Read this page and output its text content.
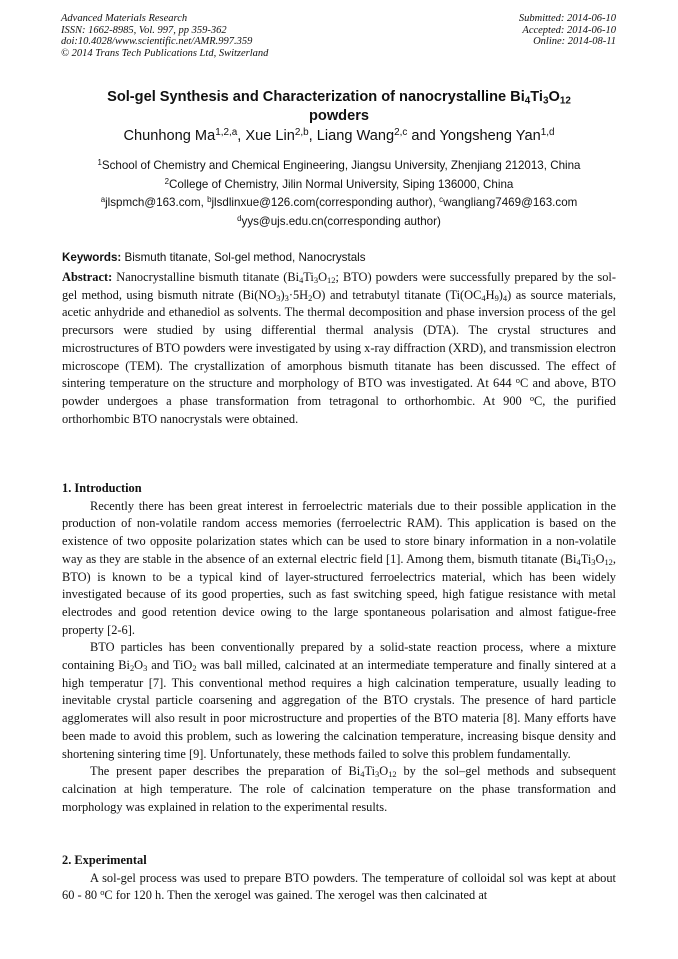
Advanced Materials Research
ISSN: 1662-8985, Vol. 997, pp 359-362
doi:10.4028/www.scientific.net/AMR.997.359
© 2014 Trans Tech Publications Ltd, Switzerland
Submitted: 2014-06-10
Accepted: 2014-06-10
Online: 2014-08-11
Sol-gel Synthesis and Characterization of nanocrystalline $Bi_4Ti_3O_{12}$
powders
Chunhong Ma$^{1,2,a}$, Xue Lin$^{2,b}$, Liang Wang$^{2,c}$ and Yongsheng Yan$^{1,d}$
$^1$School of Chemistry and Chemical Engineering, Jiangsu University, Zhenjiang 212013, China
$^2$College of Chemistry, Jilin Normal University, Siping 136000, China
$^a$jlspmch@163.com, $^b$jlsdlinxue@126.com(corresponding author), $^c$wangliang7469@163.com
$^d$yys@ujs.edu.cn(corresponding author)
Keywords: Bismuth titanate, Sol-gel method, Nanocrystals

Abstract: Nanocrystalline bismuth titanate ($Bi_4Ti_3O_{12}$; BTO) powders were successfully prepared by the sol-gel method, using bismuth nitrate $(Bi(NO_3)_3\cdot 5H_2O)$ and tetrabutyl titanate $(Ti(OC_4H_9)_4)$ as source materials, acetic anhydride and ethanediol as solvents. The thermal decomposition and phase inversion process of the gel precursors were studied by using differential thermal analysis (DTA). The crystal structures and microstructures of BTO powders were investigated by using x-ray diffraction (XRD), and transmission electron microscope (TEM). The crystallization of amorphous bismuth titanate has been discussed. The effect of sintering temperature on the structure and morphology of BTO was investigated. At 644 $^o$C and above, BTO powder undergoes a phase transformation from tetragonal to orthorhombic. At 900 $^o$C, the purified orthorhombic BTO nanocrystals were obtained.

1. Introduction

Recently there has been great interest in ferroelectric materials due to their possible application in the production of non-volatile random access memories (ferroelectric RAM). This application is based on the existence of two opposite polarization states which can be used to store binary information in a non-volatile way as they are stable in the absence of an external electric field [1]. Among them, bismuth titanate ($Bi_4Ti_3O_{12}$, BTO) is known to be a typical kind of layer-structured ferroelectrics material, which has been widely investigated because of its good properties, such as fast switching speed, high fatigue resistance with metal electrodes and good retention device owing to the large spontaneous polarisation and almost fatigue-free property [2-6].

BTO particles has been conventionally prepared by a solid-state reaction process, where a mixture containing $Bi_2O_3$ and TiO$_2$ was ball milled, calcinated at an intermediate temperature and finally sintered at a high temperatur [7]. This conventional method requires a high calcination temperature, usually leading to inevitable crystal particle coarsening and aggregation of the BTO crystals. The presence of hard particle agglomerates will also result in poor microstructure and properties of the BTO materia [8]. Many efforts have been made to avoid this problem, such as lowering the calcination temperature, increasing bisque density and shortening sintering time [9]. Unfortunately, these methods failed to solve this problem fundamentally.

The present paper describes the preparation of $Bi_4Ti_3O_{12}$ by the sol–gel methods and subsequent calcination at high temperature. The role of calcination temperature on the phase transformation and morphology was explained in relation to the experimental results.

2. Experimental

A sol-gel process was used to prepare BTO powders. The temperature of colloidal sol was kept at about 60 - 80 $^o$C for 120 h. Then the xerogel was gained. The xerogel was then calcinated at
